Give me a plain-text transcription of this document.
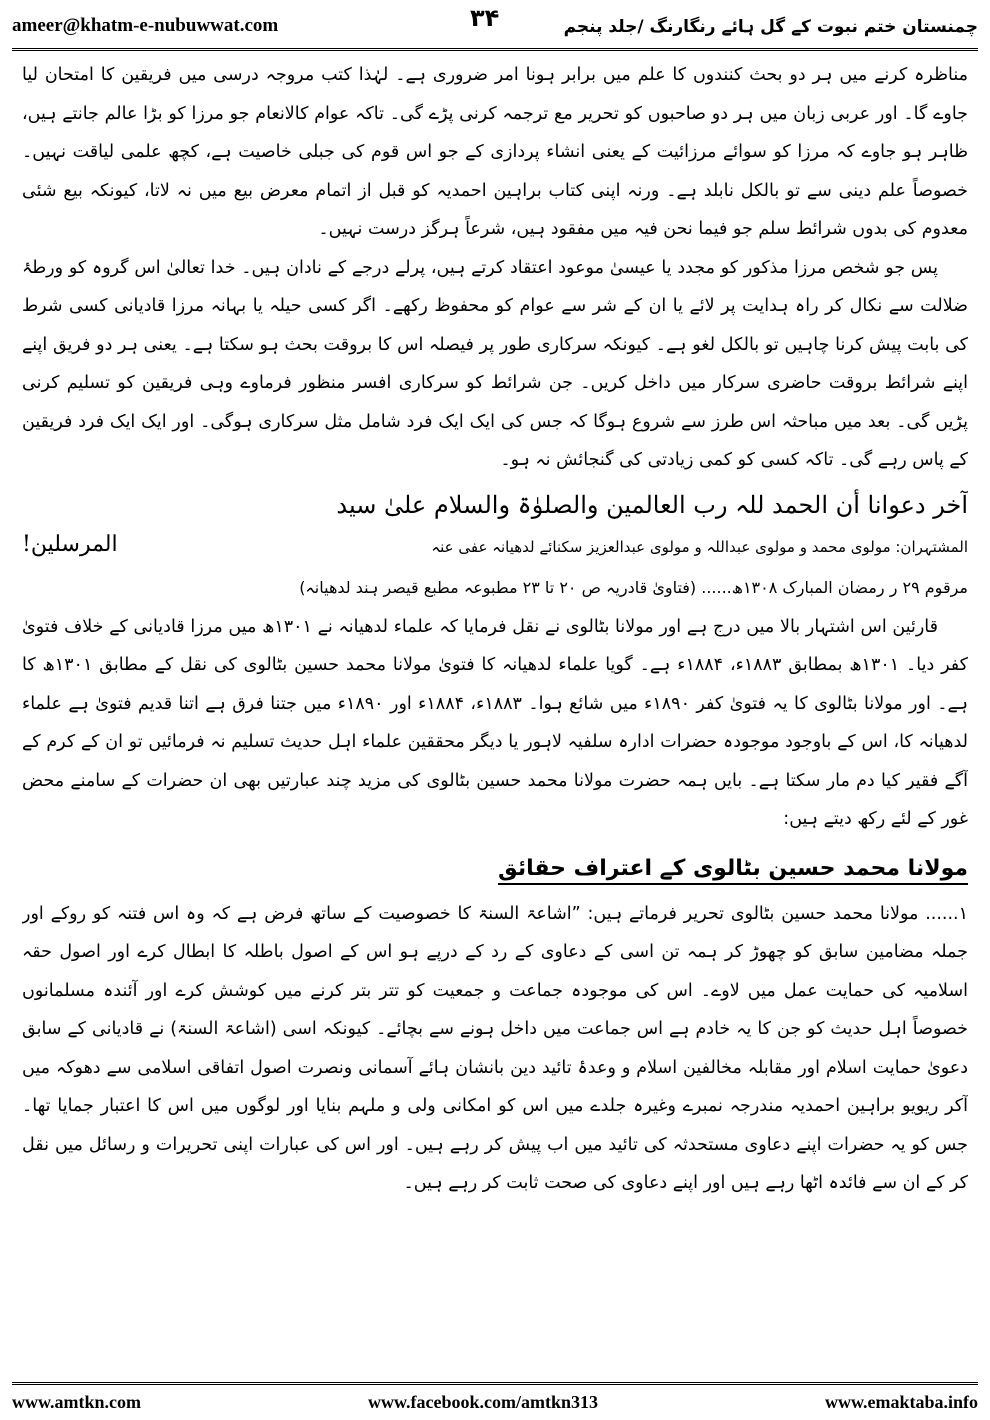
ameer@khatm-e-nubuwwat.com	چمنستان ختم نبوت کے گل ہائے رنگارنگ /جلد پنجم
۳۴

مناظرہ کرنے میں ہر دو بحث کنندوں کا علم میں برابر ہونا امر ضروری ہے۔ لہٰذا کتب مروجہ درسی میں فریقین کا امتحان لیا جاوے گا۔ اور عربی زبان میں ہر دو صاحبوں کو تحریر مع ترجمہ کرنی پڑے گی۔ تاکہ عوام کالانعام جو مرزا کو بڑا عالم جانتے ہیں، ظاہر ہو جاوے کہ مرزا کو سوائے مرزائیت کے یعنی انشاء پردازی کے جو اس قوم کی جبلی خاصیت ہے، کچھ علمی لیاقت نہیں۔ خصوصاً علم دینی سے تو بالکل نابلد ہے۔ ورنہ اپنی کتاب براہین احمدیہ کو قبل از اتمام معرض بیع میں نہ لاتا، کیونکہ بیع شئی معدوم کی بدوں شرائط سلم جو فیما نحن فیہ میں مفقود ہیں، شرعاً ہرگز درست نہیں۔

پس جو شخص مرزا مذکور کو مجدد یا عیسیٰ موعود اعتقاد کرتے ہیں، پرلے درجے کے نادان ہیں۔ خدا تعالیٰ اس گروہ کو ورطۂ ضلالت سے نکال کر راہ ہدایت پر لائے یا ان کے شر سے عوام کو محفوظ رکھے۔ اگر کسی حیلہ یا بہانہ مرزا قادیانی کسی شرط کی بابت پیش کرنا چاہیں تو بالکل لغو ہے۔ کیونکہ سرکاری طور پر فیصلہ اس کا بروقت بحث ہو سکتا ہے۔ یعنی ہر دو فریق اپنے اپنے شرائط بروقت حاضری سرکار میں داخل کریں۔ جن شرائط کو سرکاری افسر منظور فرماوے وہی فریقین کو تسلیم کرنی پڑیں گی۔ بعد میں مباحثہ اس طرز سے شروع ہوگا کہ جس کی ایک ایک فرد شامل مثل سرکاری ہوگی۔ اور ایک ایک فرد فریقین کے پاس رہے گی۔ تاکہ کسی کو کمی زیادتی کی گنجائش نہ ہو۔

آخر دعوانا أن الحمد للہ رب العالمین والصلوٰۃ والسلام علیٰ سید

المشتہران: مولوی محمد و مولوی عبداللہ و مولوی عبدالعزیز سکنائے لدھیانہ عفی عنہ
المرسلین!

مرقوم ۲۹ ر رمضان المبارک ۱۳۰۸ھ...... (فتاویٰ قادریہ ص ۲۰ تا ۲۳ مطبوعہ مطبع قیصر ہند لدھیانہ)

قارئین اس اشتہار بالا میں درج ہے اور مولانا بٹالوی نے نقل فرمایا کہ علماء لدھیانہ نے ۱۳۰۱ھ میں مرزا قادیانی کے خلاف فتویٰ کفر دیا۔ ۱۳۰۱ھ بمطابق ۱۸۸۳ء، ۱۸۸۴ء ہے۔ گویا علماء لدھیانہ کا فتویٰ مولانا محمد حسین بٹالوی کی نقل کے مطابق ۱۳۰۱ھ کا ہے۔ اور مولانا بٹالوی کا یہ فتویٰ کفر ۱۸۹۰ء میں شائع ہوا۔ ۱۸۸۳ء، ۱۸۸۴ء اور ۱۸۹۰ء میں جتنا فرق ہے اتنا قدیم فتویٰ ہے علماء لدھیانہ کا، اس کے باوجود موجودہ حضرات ادارہ سلفیہ لاہور یا دیگر محققین علماء اہل حدیث تسلیم نہ فرمائیں تو ان کے کرم کے آگے فقیر کیا دم مار سکتا ہے۔ بایں ہمہ حضرت مولانا محمد حسین بٹالوی کی مزید چند عبارتیں بھی ان حضرات کے سامنے محض غور کے لئے رکھ دیتے ہیں:

مولانا محمد حسین بٹالوی کے اعتراف حقائق

۱...... مولانا محمد حسین بٹالوی تحریر فرماتے ہیں: ”اشاعۃ السنۃ کا خصوصیت کے ساتھ فرض ہے کہ وہ اس فتنہ کو روکے اور جملہ مضامین سابق کو چھوڑ کر ہمہ تن اسی کے دعاوی کے رد کے درپے ہو اس کے اصول باطلہ کا ابطال کرے اور اصول حقہ اسلامیہ کی حمایت عمل میں لاوے۔ اس کی موجودہ جماعت و جمعیت کو تتر بتر کرنے میں کوشش کرے اور آئندہ مسلمانوں خصوصاً اہل حدیث کو جن کا یہ خادم ہے اس جماعت میں داخل ہونے سے بچائے۔ کیونکہ اسی (اشاعۃ السنۃ) نے قادیانی کے سابق دعویٰ حمایت اسلام اور مقابلہ مخالفین اسلام و وعدۂ تائید دین بانشان ہائے آسمانی ونصرت اصول اتفاقی اسلامی سے دھوکہ میں آکر ریویو براہین احمدیہ مندرجہ نمبرے وغیرہ جلدے میں اس کو امکانی ولی و ملہم بنایا اور لوگوں میں اس کا اعتبار جمایا تھا۔ جس کو یہ حضرات اپنے دعاوی مستحدثہ کی تائید میں اب پیش کر رہے ہیں۔ اور اس کی عبارات اپنی تحریرات و رسائل میں نقل کر کے ان سے فائدہ اٹھا رہے ہیں اور اپنے دعاوی کی صحت ثابت کر رہے ہیں۔

www.amtkn.com	www.facebook.com/amtkn313	www.emaktaba.info
